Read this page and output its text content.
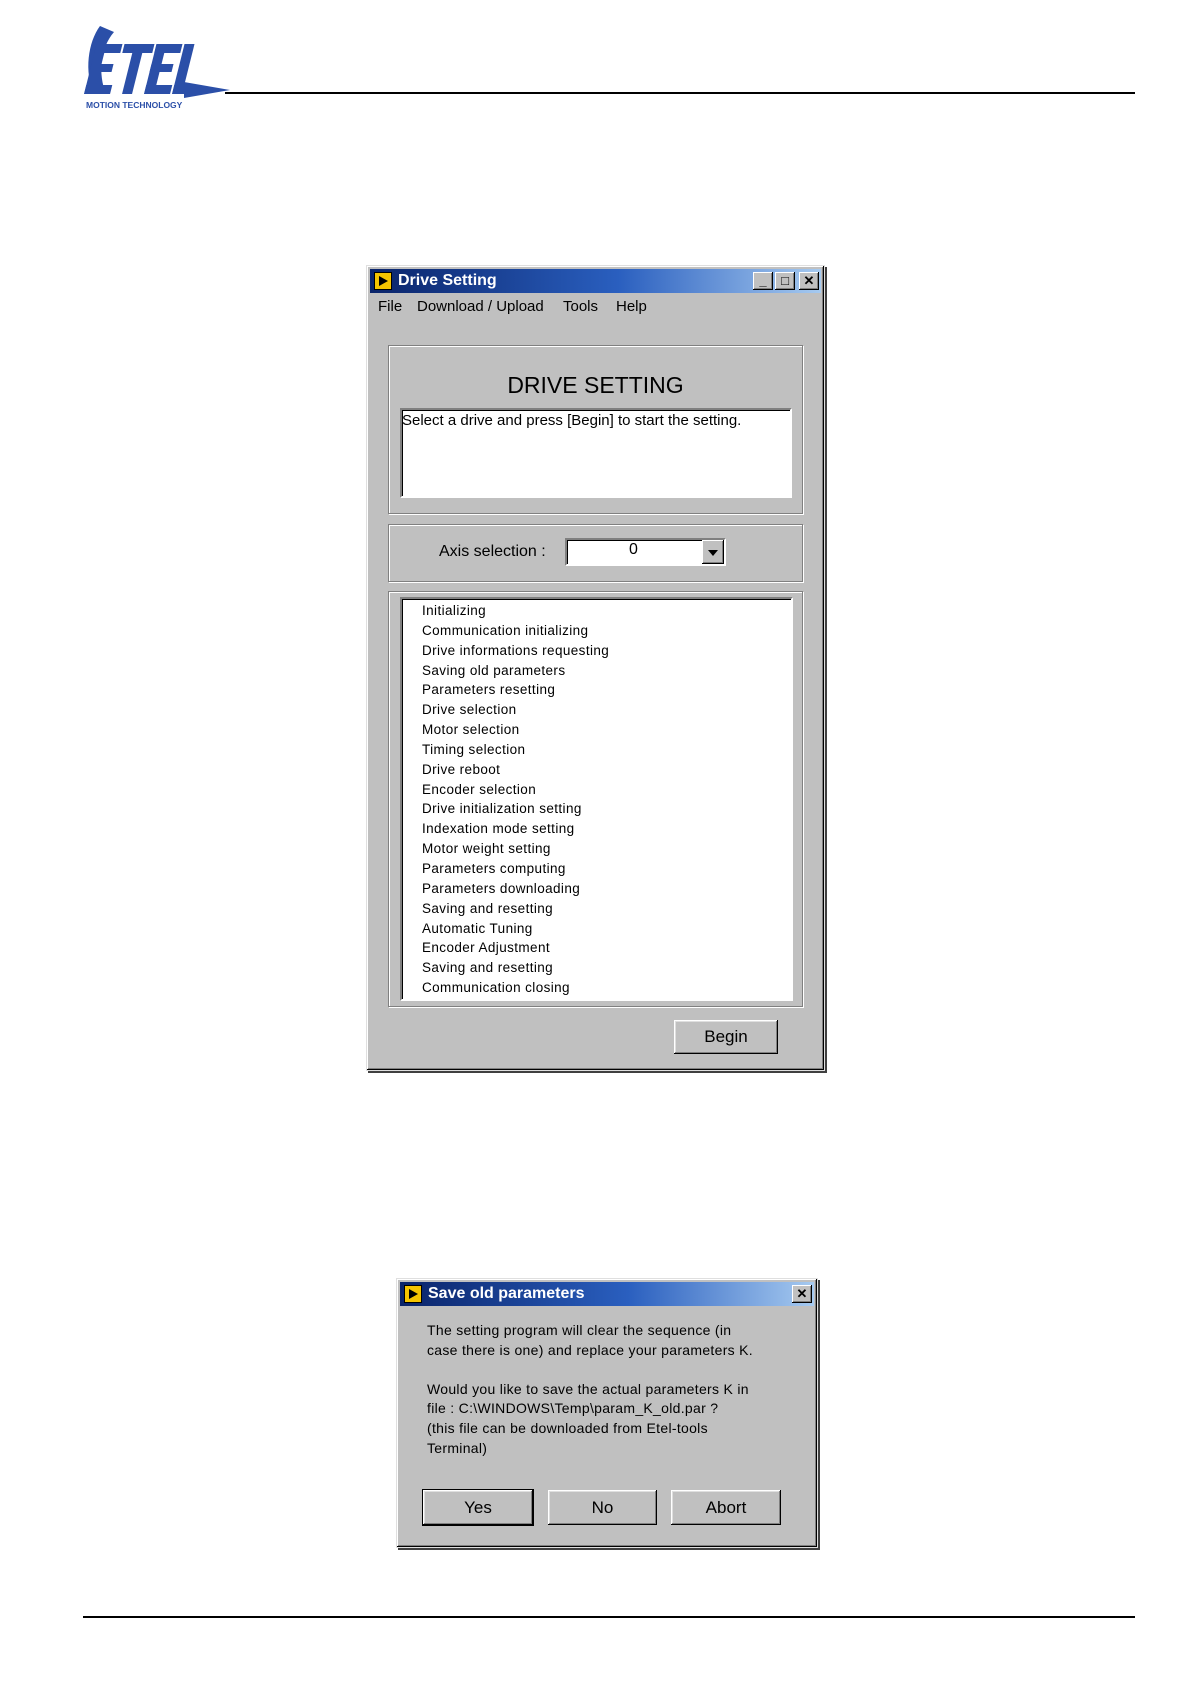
MOTION TECHNOLOGY
Drive Setting	_	□	✕
File Download / Upload Tools Help
DRIVE SETTING
Select a drive and press [Begin] to start the setting.
Axis selection :	0
Initializing
Communication initializing
Drive informations requesting
Saving old parameters
Parameters resetting
Drive selection
Motor selection
Timing selection
Drive reboot
Encoder selection
Drive initialization setting
Indexation mode setting
Motor weight setting
Parameters computing
Parameters downloading
Saving and resetting
Automatic Tuning
Encoder Adjustment
Saving and resetting
Communication closing
Begin
Save old parameters	✕

The setting program will clear the sequence (in

case there is one) and replace your parameters K.

Would you like to save the actual parameters K in

file : C:\WINDOWS\Temp\param_K_old.par ?

(this file can be downloaded from Etel-tools

Terminal)

Yes	No	Abort
